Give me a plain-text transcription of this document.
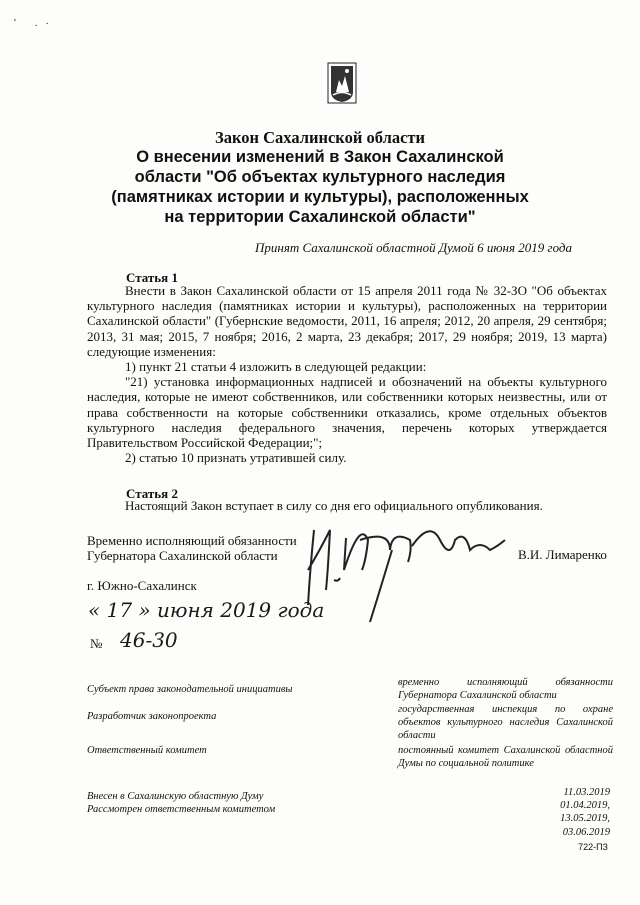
' .·
Закон Сахалинской области
О внесении изменений в Закон Сахалинской
области "Об объектах культурного наследия
(памятниках истории и культуры), расположенных
на территории Сахалинской области"
Принят Сахалинской областной Думой 6 июня 2019 года
Статья 1
Внести в Закон Сахалинской области от 15 апреля 2011 года № 32-ЗО "Об объектах культурного наследия (памятниках истории и культуры), расположенных на территории Сахалинской области" (Губернские ведомости, 2011, 16 апреля; 2012, 20 апреля, 29 сентября; 2013, 31 мая; 2015, 7 ноября; 2016, 2 марта, 23 декабря; 2017, 29 ноября; 2019, 13 марта) следующие изменения:
1) пункт 21 статьи 4 изложить в следующей редакции:
"21) установка информационных надписей и обозначений на объекты культурного наследия, которые не имеют собственников, или собственники которых неизвестны, или от права собственности на которые собственники отказались, кроме отдельных объектов культурного наследия федерального значения, перечень которых утверждается Правительством Российской Федерации;";
2) статью 10 признать утратившей силу.
Статья 2
Настоящий Закон вступает в силу со дня его официального опубликования.
Временно исполняющий обязанности
Губернатора Сахалинской области	В.И. Лимаренко
г. Южно-Сахалинск
« 17 » июня 2019 года
№ 46-30
Субъект права законодательной инициативы
временно исполняющий обязанности Губернатора Сахалинской области
Разработчик законопроекта
государственная инспекция по охране объектов культурного наследия Сахалинской области
Ответственный комитет	постоянный комитет Сахалинской областной Думы по социальной политике
Внесен в Сахалинскую областную Думу
Рассмотрен ответственным комитетом
11.03.2019
01.04.2019,
13.05.2019,
03.06.2019
722-ПЗ
